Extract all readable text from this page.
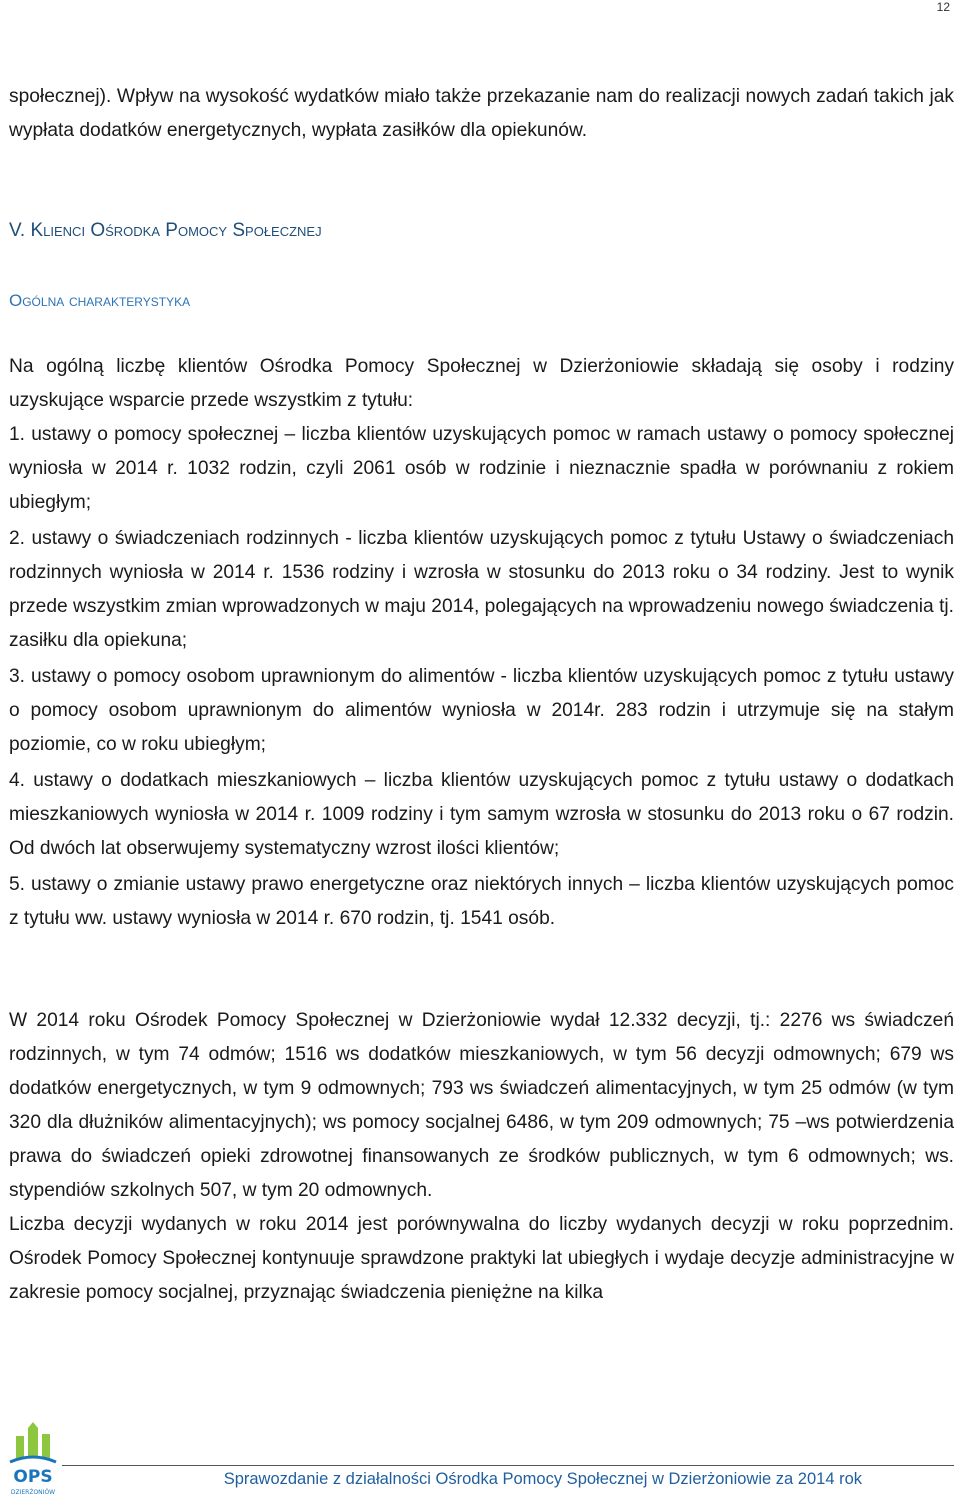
12

społecznej). Wpływ na wysokość wydatków miało także przekazanie nam do realizacji nowych zadań takich jak wypłata dodatków energetycznych, wypłata zasiłków dla opiekunów.

V. Klienci Ośrodka Pomocy Społecznej
Ogólna charakterystyka

Na ogólną liczbę klientów Ośrodka Pomocy Społecznej w Dzierżoniowie składają się osoby i rodziny uzyskujące wsparcie przede wszystkim z tytułu:

1. ustawy o pomocy społecznej – liczba klientów uzyskujących pomoc w ramach ustawy o pomocy społecznej wyniosła w 2014 r. 1032 rodzin, czyli 2061 osób w rodzinie i nieznacznie spadła w porównaniu z rokiem ubiegłym;
2. ustawy o świadczeniach rodzinnych - liczba klientów uzyskujących pomoc z tytułu Ustawy o świadczeniach rodzinnych wyniosła w 2014 r. 1536 rodziny i wzrosła w stosunku do 2013 roku o 34 rodziny. Jest to wynik przede wszystkim zmian wprowadzonych w maju 2014, polegających na wprowadzeniu nowego świadczenia tj. zasiłku dla opiekuna;
3. ustawy o pomocy osobom uprawnionym do alimentów - liczba klientów uzyskujących pomoc z tytułu ustawy o pomocy osobom uprawnionym do alimentów wyniosła w 2014r. 283 rodzin i utrzymuje się na stałym poziomie, co w roku ubiegłym;
4. ustawy o dodatkach mieszkaniowych – liczba klientów uzyskujących pomoc z tytułu ustawy o dodatkach mieszkaniowych wyniosła w 2014 r. 1009 rodziny i tym samym wzrosła w stosunku do 2013 roku o 67 rodzin. Od dwóch lat obserwujemy systematyczny wzrost ilości klientów;
5. ustawy o zmianie ustawy prawo energetyczne oraz niektórych innych – liczba klientów uzyskujących pomoc z tytułu ww. ustawy wyniosła w 2014 r. 670 rodzin, tj. 1541 osób.

W 2014 roku Ośrodek Pomocy Społecznej w Dzierżoniowie wydał 12.332 decyzji, tj.: 2276 ws świadczeń rodzinnych, w tym 74 odmów; 1516 ws dodatków mieszkaniowych, w tym 56 decyzji odmownych; 679 ws dodatków energetycznych, w tym 9 odmownych; 793 ws świadczeń alimentacyjnych, w tym 25 odmów (w tym 320 dla dłużników alimentacyjnych); ws pomocy socjalnej 6486, w tym 209 odmownych; 75 –ws potwierdzenia prawa do świadczeń opieki zdrowotnej finansowanych ze środków publicznych, w tym 6 odmownych; ws. stypendiów szkolnych 507, w tym 20 odmownych.

Liczba decyzji wydanych w roku 2014 jest porównywalna do liczby wydanych decyzji w roku poprzednim. Ośrodek Pomocy Społecznej kontynuuje sprawdzone praktyki lat ubiegłych i wydaje decyzje administracyjne w zakresie pomocy socjalnej, przyznając świadczenia pieniężne na kilka

OPS
DZIERŻONIÓW
Sprawozdanie z działalności Ośrodka Pomocy Społecznej w Dzierżoniowie za 2014 rok
